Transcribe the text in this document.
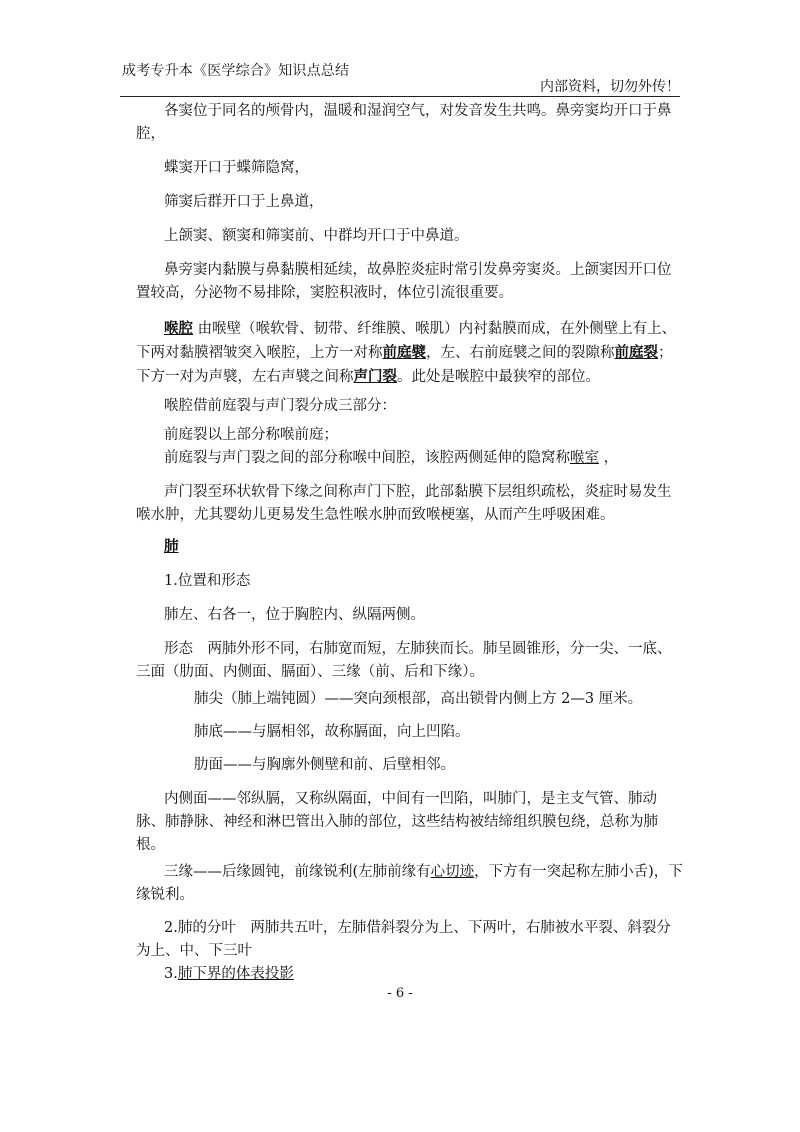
成考专升本《医学综合》知识点总结
内部资料，切勿外传！

各窦位于同名的颅骨内，温暖和湿润空气，对发音发生共鸣。鼻旁窦均开口于鼻腔，

蝶窦开口于蝶筛隐窝，

筛窦后群开口于上鼻道，

上颌窦、额窦和筛窦前、中群均开口于中鼻道。

鼻旁窦内黏膜与鼻黏膜相延续，故鼻腔炎症时常引发鼻旁窦炎。上颌窦因开口位置较高，分泌物不易排除，窦腔积液时，体位引流很重要。

喉腔 由喉壁（喉软骨、韧带、纤维膜、喉肌）内衬黏膜而成，在外侧壁上有上、下两对黏膜褶皱突入喉腔，上方一对称前庭襞，左、右前庭襞之间的裂隙称前庭裂；下方一对为声襞，左右声襞之间称声门裂。此处是喉腔中最狭窄的部位。

喉腔借前庭裂与声门裂分成三部分：

前庭裂以上部分称喉前庭；

前庭裂与声门裂之间的部分称喉中间腔，该腔两侧延伸的隐窝称喉室 ，

声门裂至环状软骨下缘之间称声门下腔，此部黏膜下层组织疏松，炎症时易发生喉水肿，尤其婴幼儿更易发生急性喉水肿而致喉梗塞，从而产生呼吸困难。

肺

1.位置和形态

肺左、右各一，位于胸腔内、纵隔两侧。

形态　两肺外形不同，右肺宽而短，左肺狭而长。肺呈圆锥形，分一尖、一底、三面（肋面、内侧面、膈面）、三缘（前、后和下缘）。

肺尖（肺上端钝圆）——突向颈根部，高出锁骨内侧上方 2—3 厘米。

肺底——与膈相邻，故称膈面，向上凹陷。

肋面——与胸廓外侧壁和前、后壁相邻。

内侧面——邻纵膈，又称纵隔面，中间有一凹陷，叫肺门，是主支气管、肺动脉、肺静脉、神经和淋巴管出入肺的部位，这些结构被结缔组织膜包绕，总称为肺根。

三缘——后缘圆钝，前缘锐利(左肺前缘有心切迹，下方有一突起称左肺小舌)，下缘锐利。

2.肺的分叶　两肺共五叶，左肺借斜裂分为上、下两叶，右肺被水平裂、斜裂分为上、中、下三叶

3.肺下界的体表投影

- 6 -
